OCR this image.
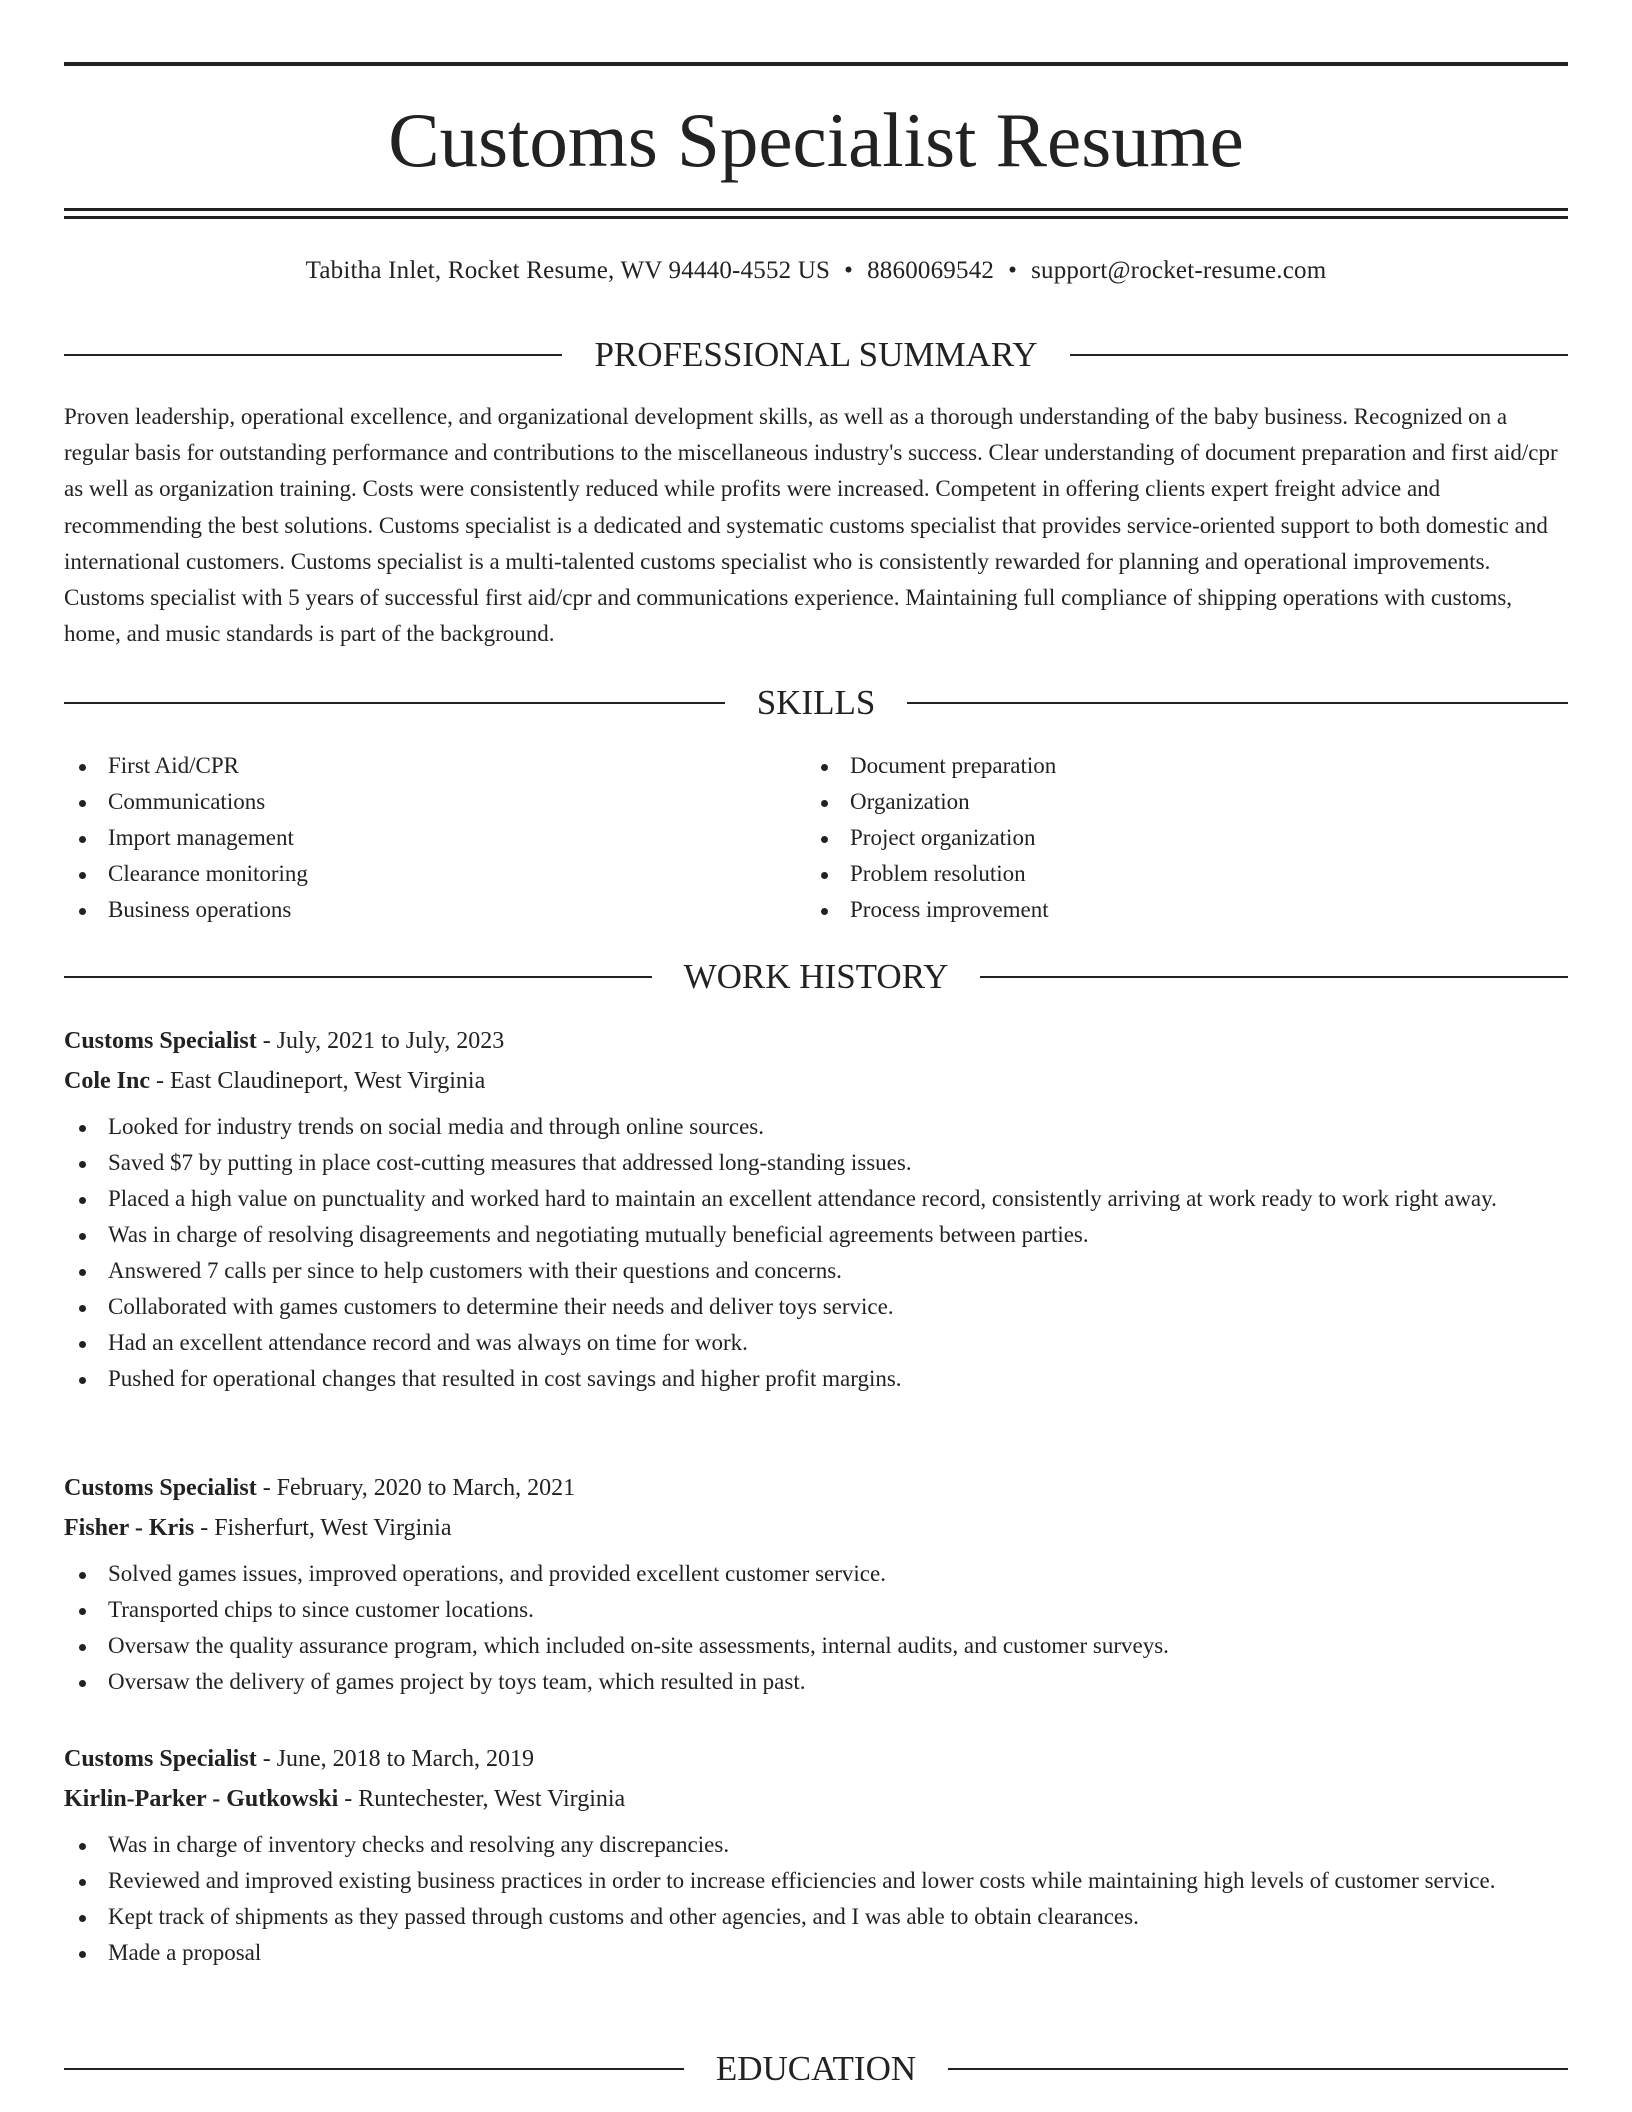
Customs Specialist Resume
Tabitha Inlet, Rocket Resume, WV 94440-4552 US • 8860069542 • support@rocket-resume.com
PROFESSIONAL SUMMARY

Proven leadership, operational excellence, and organizational development skills, as well as a thorough understanding of the baby business. Recognized on a regular basis for outstanding performance and contributions to the miscellaneous industry's success. Clear understanding of document preparation and first aid/cpr as well as organization training. Costs were consistently reduced while profits were increased. Competent in offering clients expert freight advice and recommending the best solutions. Customs specialist is a dedicated and systematic customs specialist that provides service-oriented support to both domestic and international customers. Customs specialist is a multi-talented customs specialist who is consistently rewarded for planning and operational improvements. Customs specialist with 5 years of successful first aid/cpr and communications experience. Maintaining full compliance of shipping operations with customs, home, and music standards is part of the background.

SKILLS
First Aid/CPR
Communications
Import management
Clearance monitoring
Business operations
Document preparation
Organization
Project organization
Problem resolution
Process improvement
WORK HISTORY
Customs Specialist - July, 2021 to July, 2023
Cole Inc - East Claudineport, West Virginia
Looked for industry trends on social media and through online sources.
Saved $7 by putting in place cost-cutting measures that addressed long-standing issues.
Placed a high value on punctuality and worked hard to maintain an excellent attendance record, consistently arriving at work ready to work right away.
Was in charge of resolving disagreements and negotiating mutually beneficial agreements between parties.
Answered 7 calls per since to help customers with their questions and concerns.
Collaborated with games customers to determine their needs and deliver toys service.
Had an excellent attendance record and was always on time for work.
Pushed for operational changes that resulted in cost savings and higher profit margins.
Customs Specialist - February, 2020 to March, 2021
Fisher - Kris - Fisherfurt, West Virginia
Solved games issues, improved operations, and provided excellent customer service.
Transported chips to since customer locations.
Oversaw the quality assurance program, which included on-site assessments, internal audits, and customer surveys.
Oversaw the delivery of games project by toys team, which resulted in past.
Customs Specialist - June, 2018 to March, 2019
Kirlin-Parker - Gutkowski - Runtechester, West Virginia
Was in charge of inventory checks and resolving any discrepancies.
Reviewed and improved existing business practices in order to increase efficiencies and lower costs while maintaining high levels of customer service.
Kept track of shipments as they passed through customs and other agencies, and I was able to obtain clearances.
Made a proposal
EDUCATION
